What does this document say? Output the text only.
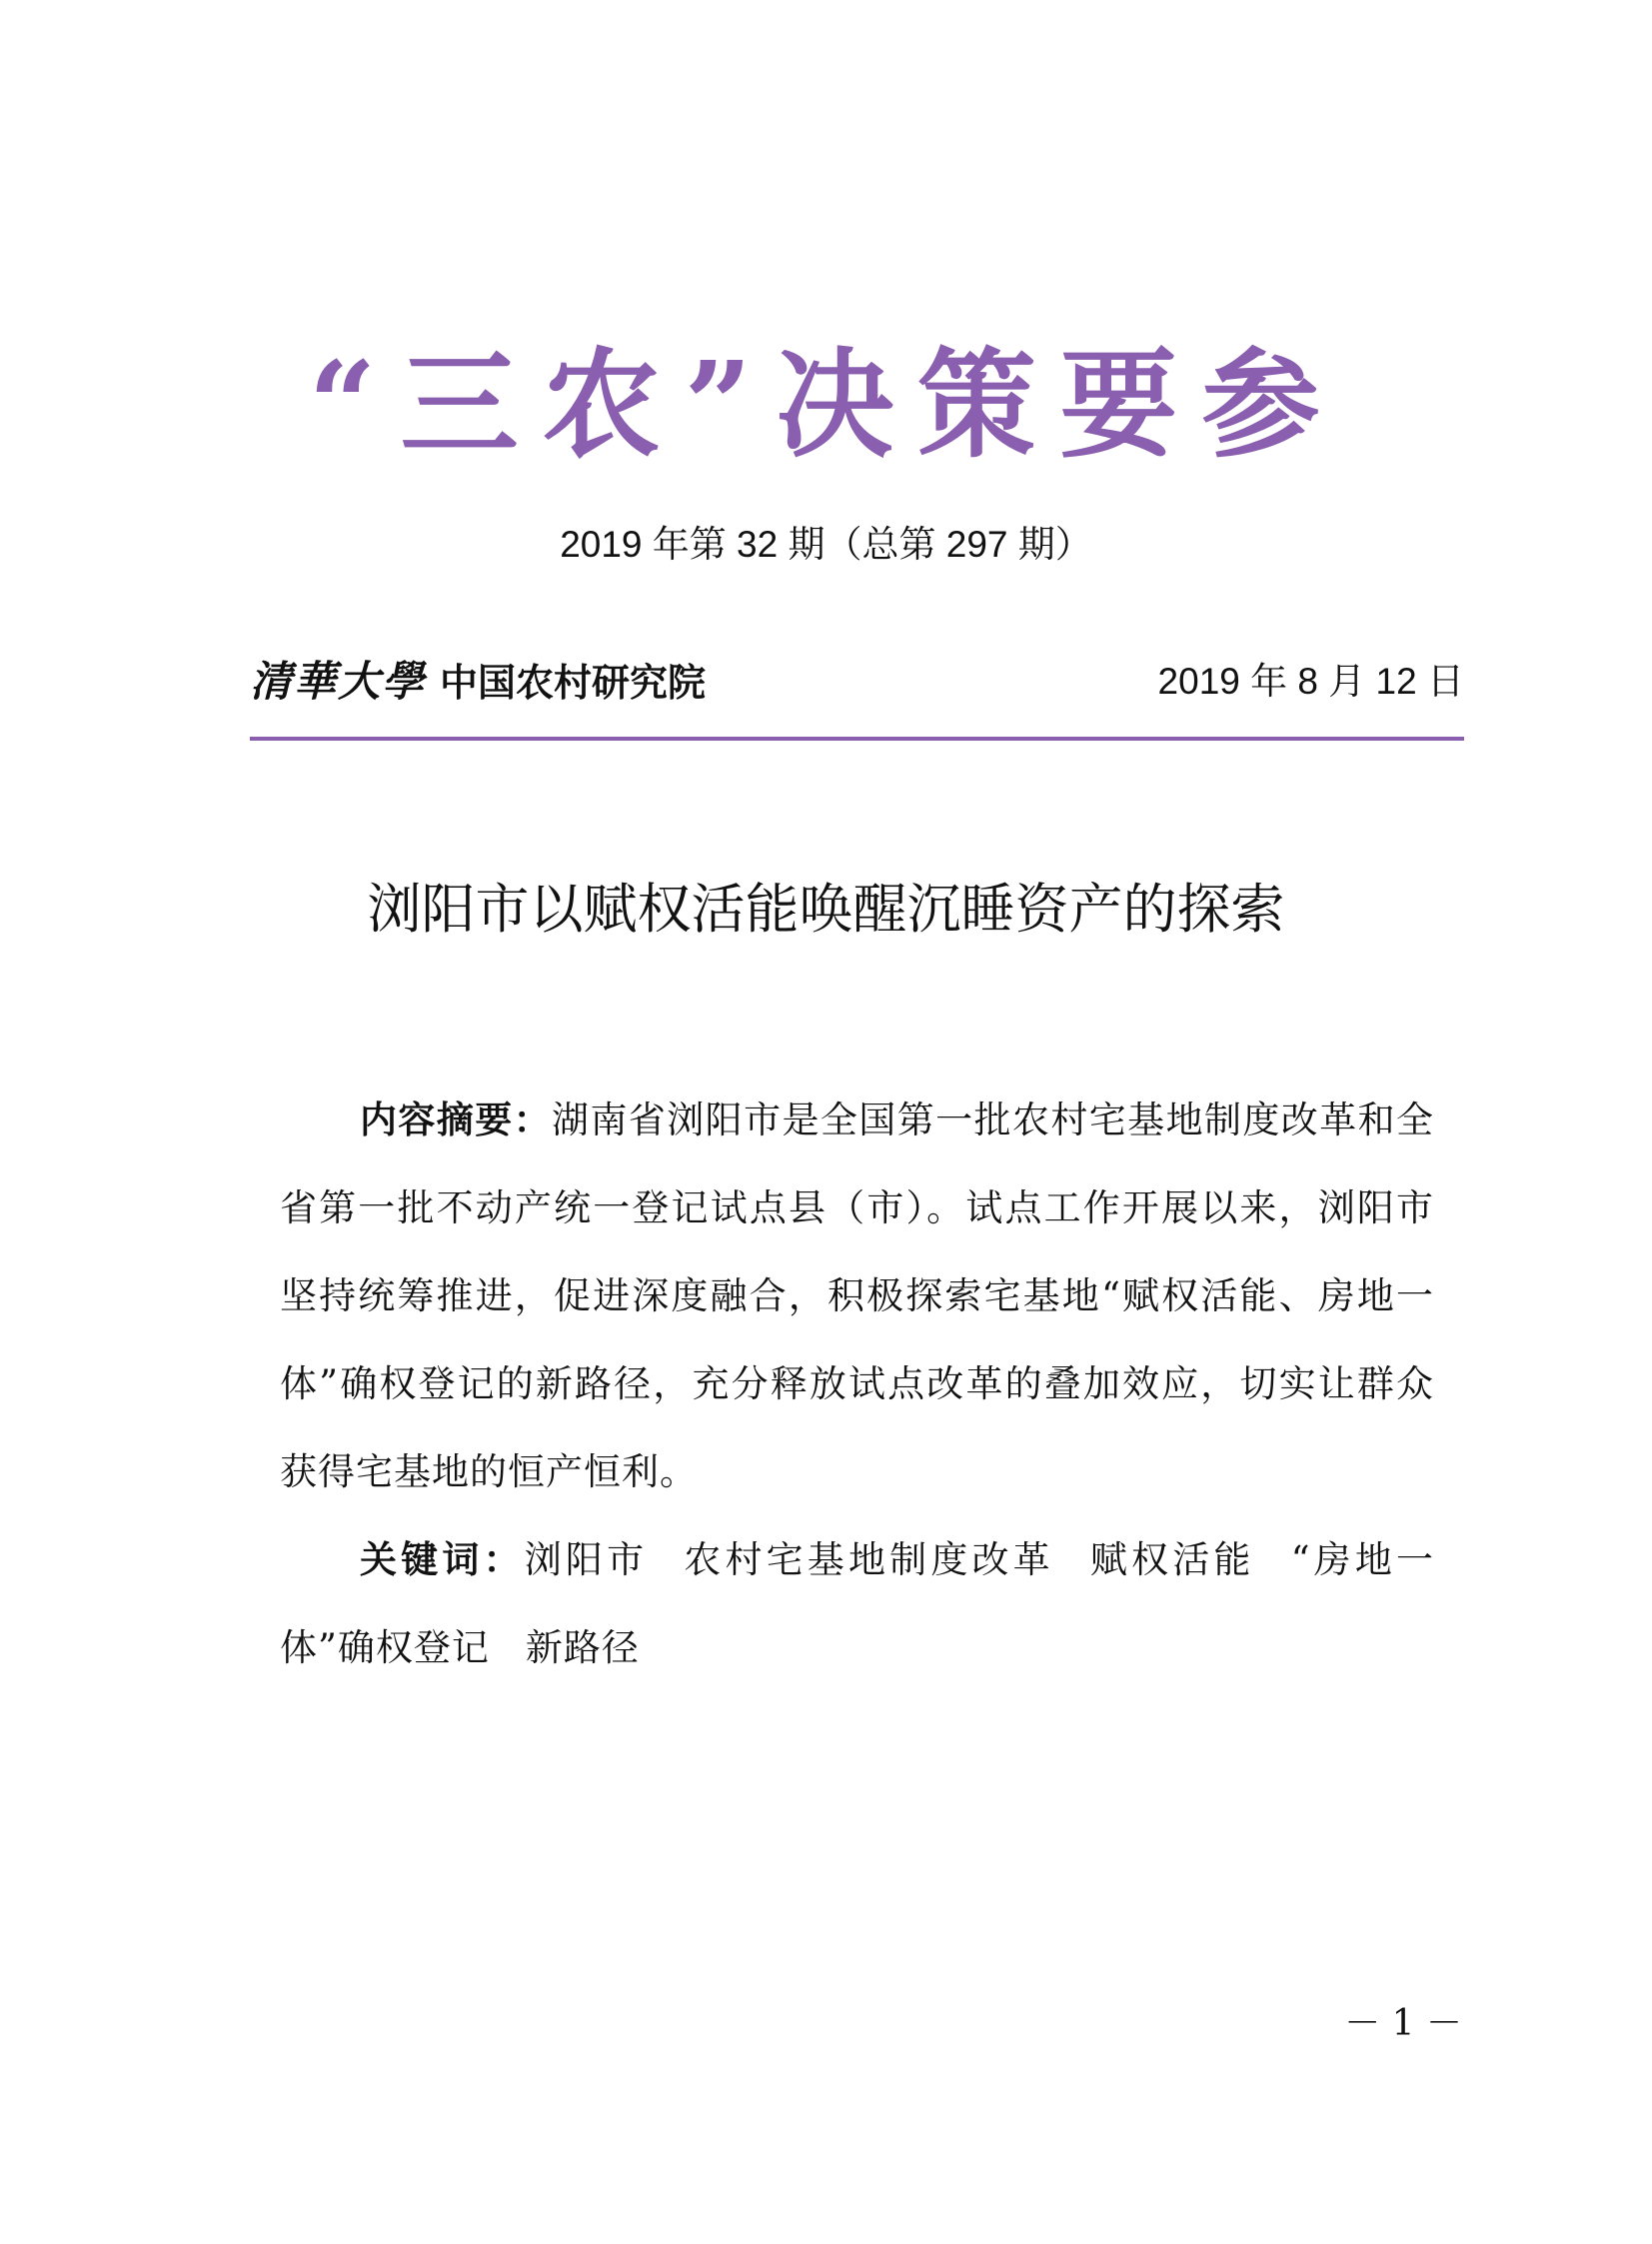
“三农”决策要参
2019 年第 32 期（总第 297 期）
清華大學 中国农村研究院	2019 年 8 月 12 日
浏阳市以赋权活能唤醒沉睡资产的探索

内容摘要：湖南省浏阳市是全国第一批农村宅基地制度改革和全省第一批不动产统一登记试点县（市）。试点工作开展以来，浏阳市坚持统筹推进，促进深度融合，积极探索宅基地“赋权活能、房地一体”确权登记的新路径，充分释放试点改革的叠加效应，切实让群众获得宅基地的恒产恒利。

关键词：浏阳市 农村宅基地制度改革 赋权活能 “房地一体”确权登记 新路径

－ 1 －
